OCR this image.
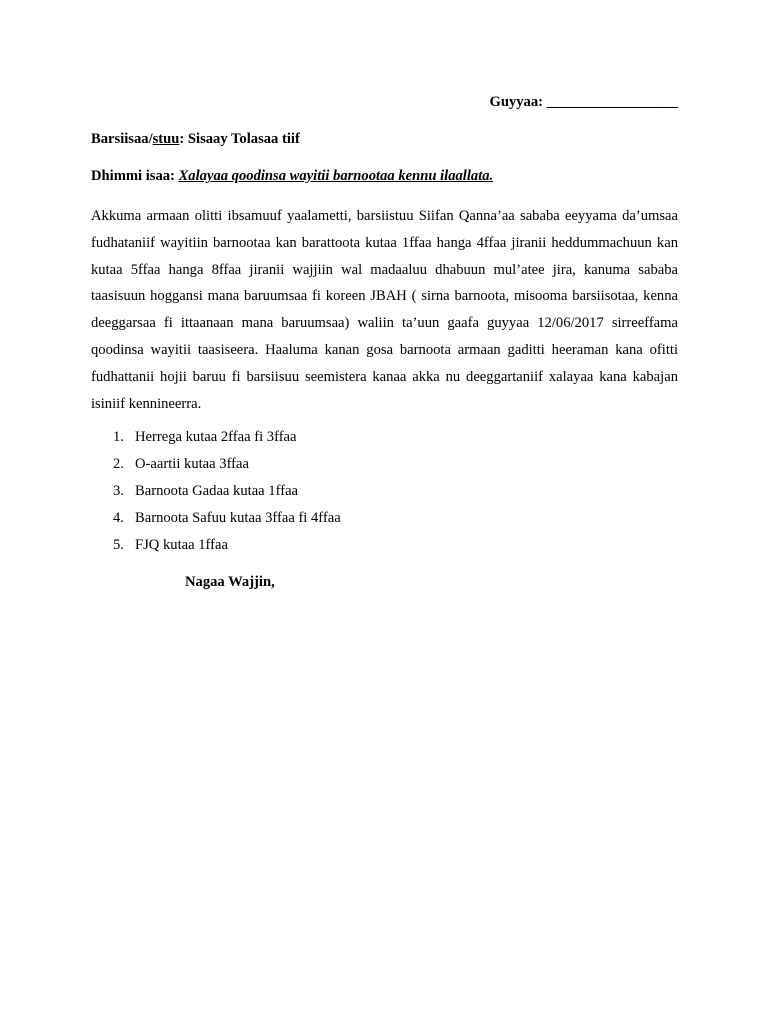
Guyyaa: __________________
Barsiisaa/stuu: Sisaay Tolasaa tiif
Dhimmi isaa: Xalayaa qoodinsa wayitii barnootaa kennu ilaallata.

Akkuma armaan olitti ibsamuuf yaalametti, barsiistuu Siifan Qanna’aa sababa eeyyama da’umsaa fudhataniif wayitiin barnootaa kan barattoota kutaa 1ffaa hanga 4ffaa jiranii heddummachuun kan kutaa 5ffaa hanga 8ffaa jiranii wajjiin wal madaaluu dhabuun mul’atee jira, kanuma sababa taasisuun hoggansi mana baruumsaa fi koreen JBAH ( sirna barnoota, misooma barsiisotaa, kenna deeggarsaa fi ittaanaan mana baruumsaa) waliin ta’uun gaafa guyyaa 12/06/2017 sirreeffama qoodinsa wayitii taasiseera. Haaluma kanan gosa barnoota armaan gaditti heeraman kana ofitti fudhattanii hojii baruu fi barsiisuu seemistera kanaa akka nu deeggartaniif xalayaa kana kabajan isiniif kennineerra.

1. Herrega kutaa 2ffaa fi 3ffaa
2. O-aartii kutaa 3ffaa
3. Barnoota Gadaa kutaa 1ffaa
4. Barnoota Safuu kutaa 3ffaa fi 4ffaa
5. FJQ kutaa 1ffaa
Nagaa Wajjin,
